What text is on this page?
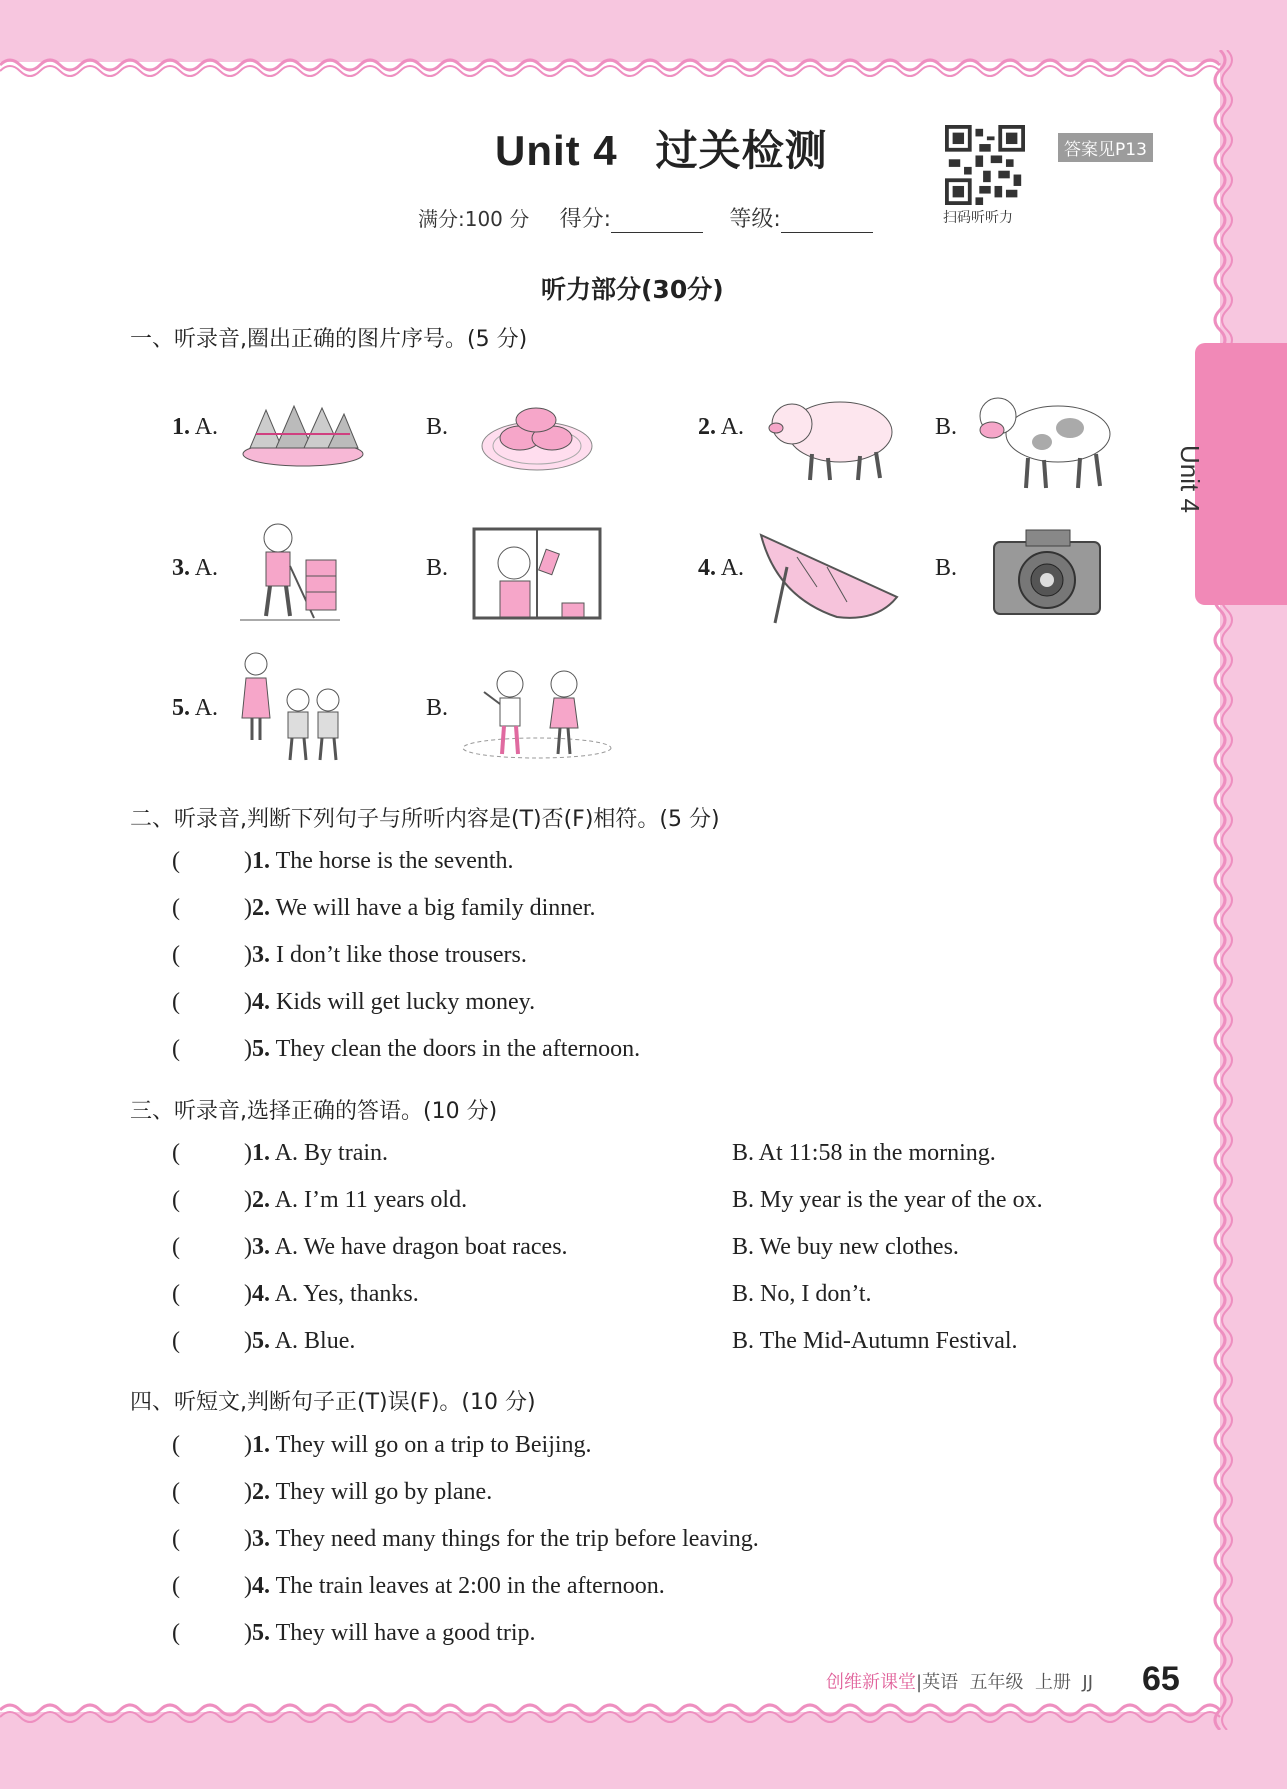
Unit 4
Unit 4   过关检测
满分:100 分 得分:	等级:	扫码听听力
答案见P13
听力部分(30分)
一、听录音,圈出正确的图片序号。(5 分)
1. A.	B.	2. A.	B.
3. A.	B.	4. A.	B.
5. A.	B.
二、听录音,判断下列句子与所听内容是(T)否(F)相符。(5 分)
(	)1. The horse is the seventh.
(	)2. We will have a big family dinner.
(	)3. I don’t like those trousers.
(	)4. Kids will get lucky money.
(	)5. They clean the doors in the afternoon.
三、听录音,选择正确的答语。(10 分)
(	)1. A. By train.	B. At 11:58 in the morning.
(	)2. A. I’m 11 years old.	B. My year is the year of the ox.
(	)3. A. We have dragon boat races.	B. We buy new clothes.
(	)4. A. Yes, thanks.	B. No, I don’t.
(	)5. A. Blue.	B. The Mid-Autumn Festival.
四、听短文,判断句子正(T)误(F)。(10 分)
(	)1. They will go on a trip to Beijing.
(	)2. They will go by plane.
(	)3. They need many things for the trip before leaving.
(	)4. The train leaves at 2:00 in the afternoon.
(	)5. They will have a good trip.
创维新课堂|英语  五年级  上册  JJ 65
